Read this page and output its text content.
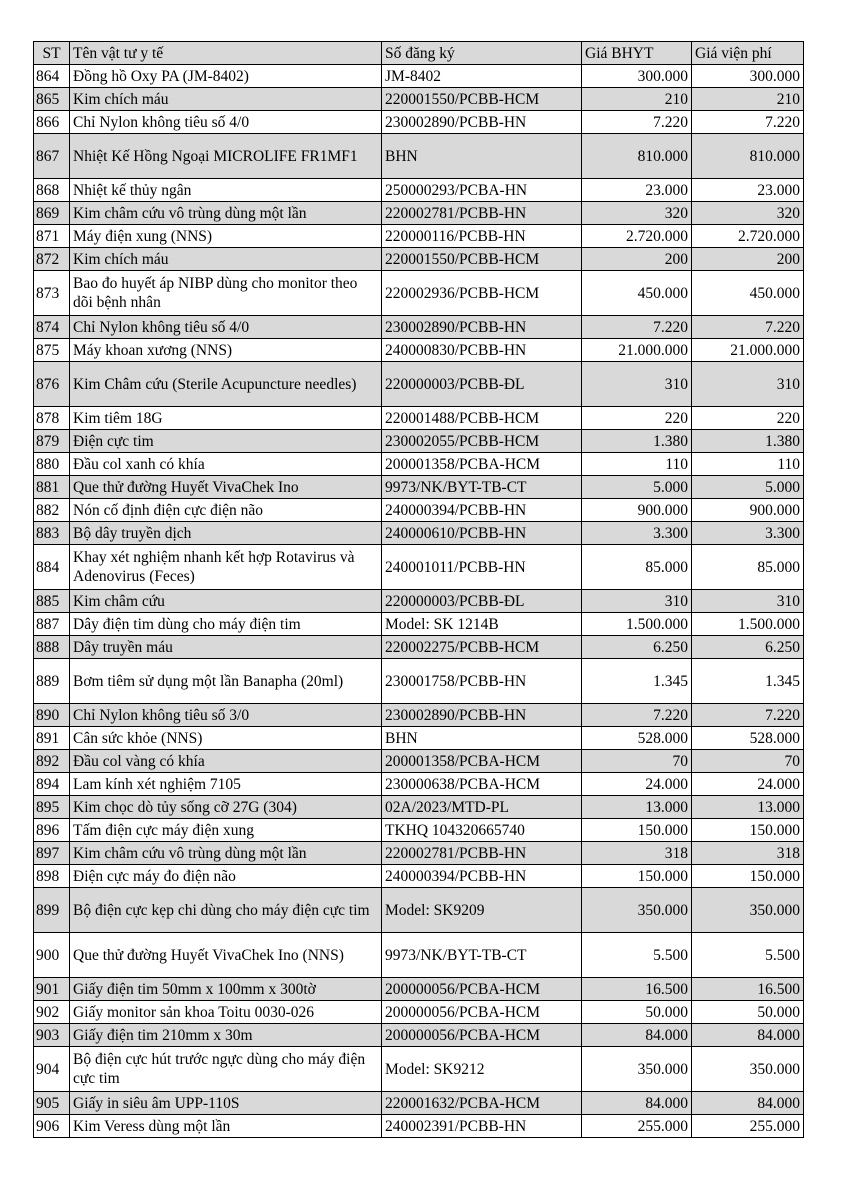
ST	Tên vật tư y tế	Số đăng ký	Giá BHYT	Giá viện phí
864	Đồng hồ Oxy PA (JM-8402)	JM-8402	300.000	300.000
865	Kim chích máu	220001550/PCBB-HCM	210	210
866	Chỉ Nylon không tiêu số 4/0	230002890/PCBB-HN	7.220	7.220
867	Nhiệt Kế Hồng Ngoại MICROLIFE FR1MF1	BHN	810.000	810.000
868	Nhiệt kế thủy ngân	250000293/PCBA-HN	23.000	23.000
869	Kim châm cứu vô trùng dùng một lần	220002781/PCBB-HN	320	320
871	Máy điện xung (NNS)	220000116/PCBB-HN	2.720.000	2.720.000
872	Kim chích máu	220001550/PCBB-HCM	200	200
873	Bao đo huyết áp NIBP dùng cho monitor theo dõi bệnh nhân	220002936/PCBB-HCM	450.000	450.000
874	Chỉ Nylon không tiêu số 4/0	230002890/PCBB-HN	7.220	7.220
875	Máy khoan xương (NNS)	240000830/PCBB-HN	21.000.000	21.000.000
876	Kim Châm cứu (Sterile Acupuncture needles)	220000003/PCBB-ĐL	310	310
878	Kim tiêm 18G	220001488/PCBB-HCM	220	220
879	Điện cực tim	230002055/PCBB-HCM	1.380	1.380
880	Đầu col xanh có khía	200001358/PCBA-HCM	110	110
881	Que thử đường Huyết VivaChek Ino	9973/NK/BYT-TB-CT	5.000	5.000
882	Nón cố định điện cực điện não	240000394/PCBB-HN	900.000	900.000
883	Bộ dây truyền dịch	240000610/PCBB-HN	3.300	3.300
884	Khay xét nghiệm nhanh kết hợp Rotavirus và Adenovirus (Feces)	240001011/PCBB-HN	85.000	85.000
885	Kim châm cứu	220000003/PCBB-ĐL	310	310
887	Dây điện tim dùng cho máy điện tim	Model: SK 1214B	1.500.000	1.500.000
888	Dây truyền máu	220002275/PCBB-HCM	6.250	6.250
889	Bơm tiêm sử dụng một lần Banapha (20ml)	230001758/PCBB-HN	1.345	1.345
890	Chỉ Nylon không tiêu số 3/0	230002890/PCBB-HN	7.220	7.220
891	Cân sức khỏe (NNS)	BHN	528.000	528.000
892	Đầu col vàng có khía	200001358/PCBA-HCM	70	70
894	Lam kính xét nghiệm 7105	230000638/PCBA-HCM	24.000	24.000
895	Kim chọc dò tủy sống cỡ 27G (304)	02A/2023/MTD-PL	13.000	13.000
896	Tấm điện cực máy điện xung	TKHQ 104320665740	150.000	150.000
897	Kim châm cứu vô trùng dùng một lần	220002781/PCBB-HN	318	318
898	Điện cực máy đo điện não	240000394/PCBB-HN	150.000	150.000
899	Bộ điện cực kẹp chi dùng cho máy điện cực tim	Model: SK9209	350.000	350.000
900	Que thử đường Huyết VivaChek Ino (NNS)	9973/NK/BYT-TB-CT	5.500	5.500
901	Giấy điện tim 50mm x 100mm x 300tờ	200000056/PCBA-HCM	16.500	16.500
902	Giấy monitor sản khoa Toitu 0030-026	200000056/PCBA-HCM	50.000	50.000
903	Giấy điện tim 210mm x 30m	200000056/PCBA-HCM	84.000	84.000
904	Bộ điện cực hút trước ngực dùng cho máy điện cực tim	Model: SK9212	350.000	350.000
905	Giấy in siêu âm UPP-110S	220001632/PCBA-HCM	84.000	84.000
906	Kim Veress dùng một lần	240002391/PCBB-HN	255.000	255.000
